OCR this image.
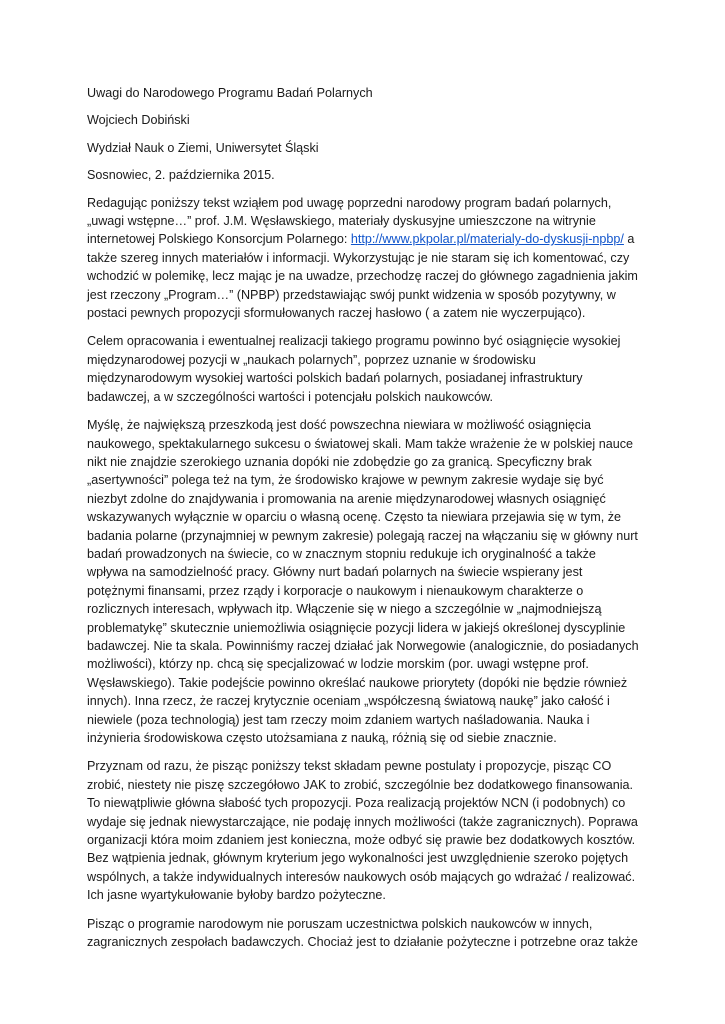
Uwagi do Narodowego Programu Badań Polarnych

Wojciech Dobiński

Wydział Nauk o Ziemi, Uniwersytet Śląski

Sosnowiec, 2. października 2015.

Redagując poniższy tekst wziąłem pod uwagę poprzedni narodowy program badań polarnych, „uwagi wstępne…” prof. J.M. Węsławskiego, materiały dyskusyjne umieszczone na witrynie internetowej Polskiego Konsorcjum Polarnego: http://www.pkpolar.pl/materialy-do-dyskusji-npbp/ a także szereg innych materiałów i informacji. Wykorzystując je nie staram się ich komentować, czy wchodzić w polemikę, lecz mając je na uwadze, przechodzę raczej do głównego zagadnienia jakim jest rzeczony „Program…” (NPBP) przedstawiając swój punkt widzenia w sposób pozytywny, w postaci pewnych propozycji sformułowanych raczej hasłowo ( a zatem nie wyczerpująco).

Celem opracowania i ewentualnej realizacji takiego programu powinno być osiągnięcie wysokiej międzynarodowej pozycji w „naukach polarnych”, poprzez uznanie w środowisku międzynarodowym wysokiej wartości polskich badań polarnych, posiadanej infrastruktury badawczej, a w szczególności wartości i potencjału polskich naukowców.

Myślę, że największą przeszkodą jest dość powszechna niewiara w możliwość osiągnięcia naukowego, spektakularnego sukcesu o światowej skali. Mam także wrażenie że w polskiej nauce nikt nie znajdzie szerokiego uznania dopóki nie zdobędzie go za granicą. Specyficzny brak „asertywności” polega też na tym, że środowisko krajowe w pewnym zakresie wydaje się być niezbyt zdolne do znajdywania i promowania na arenie międzynarodowej własnych osiągnięć wskazywanych wyłącznie w oparciu o własną ocenę. Często ta niewiara przejawia się w tym, że badania polarne (przynajmniej w pewnym zakresie) polegają raczej na włączaniu się w główny nurt badań prowadzonych na świecie, co w znacznym stopniu redukuje ich oryginalność a także wpływa na samodzielność pracy. Główny nurt badań polarnych na świecie wspierany jest potężnymi finansami, przez rządy i korporacje o naukowym i nienaukowym charakterze o rozlicznych interesach, wpływach itp. Włączenie się w niego a szczególnie w „najmodniejszą problematykę” skutecznie uniemożliwia osiągnięcie pozycji lidera w jakiejś określonej dyscyplinie badawczej. Nie ta skala. Powinniśmy raczej działać jak Norwegowie (analogicznie, do posiadanych możliwości), którzy np. chcą się specjalizować w lodzie morskim (por. uwagi wstępne prof. Węsławskiego). Takie podejście powinno określać naukowe priorytety (dopóki nie będzie również innych). Inna rzecz, że raczej krytycznie oceniam „współczesną światową naukę” jako całość i niewiele (poza technologią) jest tam rzeczy moim zdaniem wartych naśladowania. Nauka i inżynieria środowiskowa często utożsamiana z nauką, różnią się od siebie znacznie.

Przyznam od razu, że pisząc poniższy tekst składam pewne postulaty i propozycje, pisząc CO zrobić, niestety nie piszę szczegółowo JAK to zrobić, szczególnie bez dodatkowego finansowania. To niewątpliwie główna słabość tych propozycji. Poza realizacją projektów NCN (i podobnych) co wydaje się jednak niewystarczające, nie podaję innych możliwości (także zagranicznych). Poprawa organizacji która moim zdaniem jest konieczna, może odbyć się prawie bez dodatkowych kosztów. Bez wątpienia jednak, głównym kryterium jego wykonalności jest uwzględnienie szeroko pojętych wspólnych, a także indywidualnych interesów naukowych osób mających go wdrażać / realizować. Ich jasne wyartykułowanie byłoby bardzo pożyteczne.

Pisząc o programie narodowym nie poruszam uczestnictwa polskich naukowców w innych, zagranicznych zespołach badawczych. Chociaż jest to działanie pożyteczne i potrzebne oraz także
